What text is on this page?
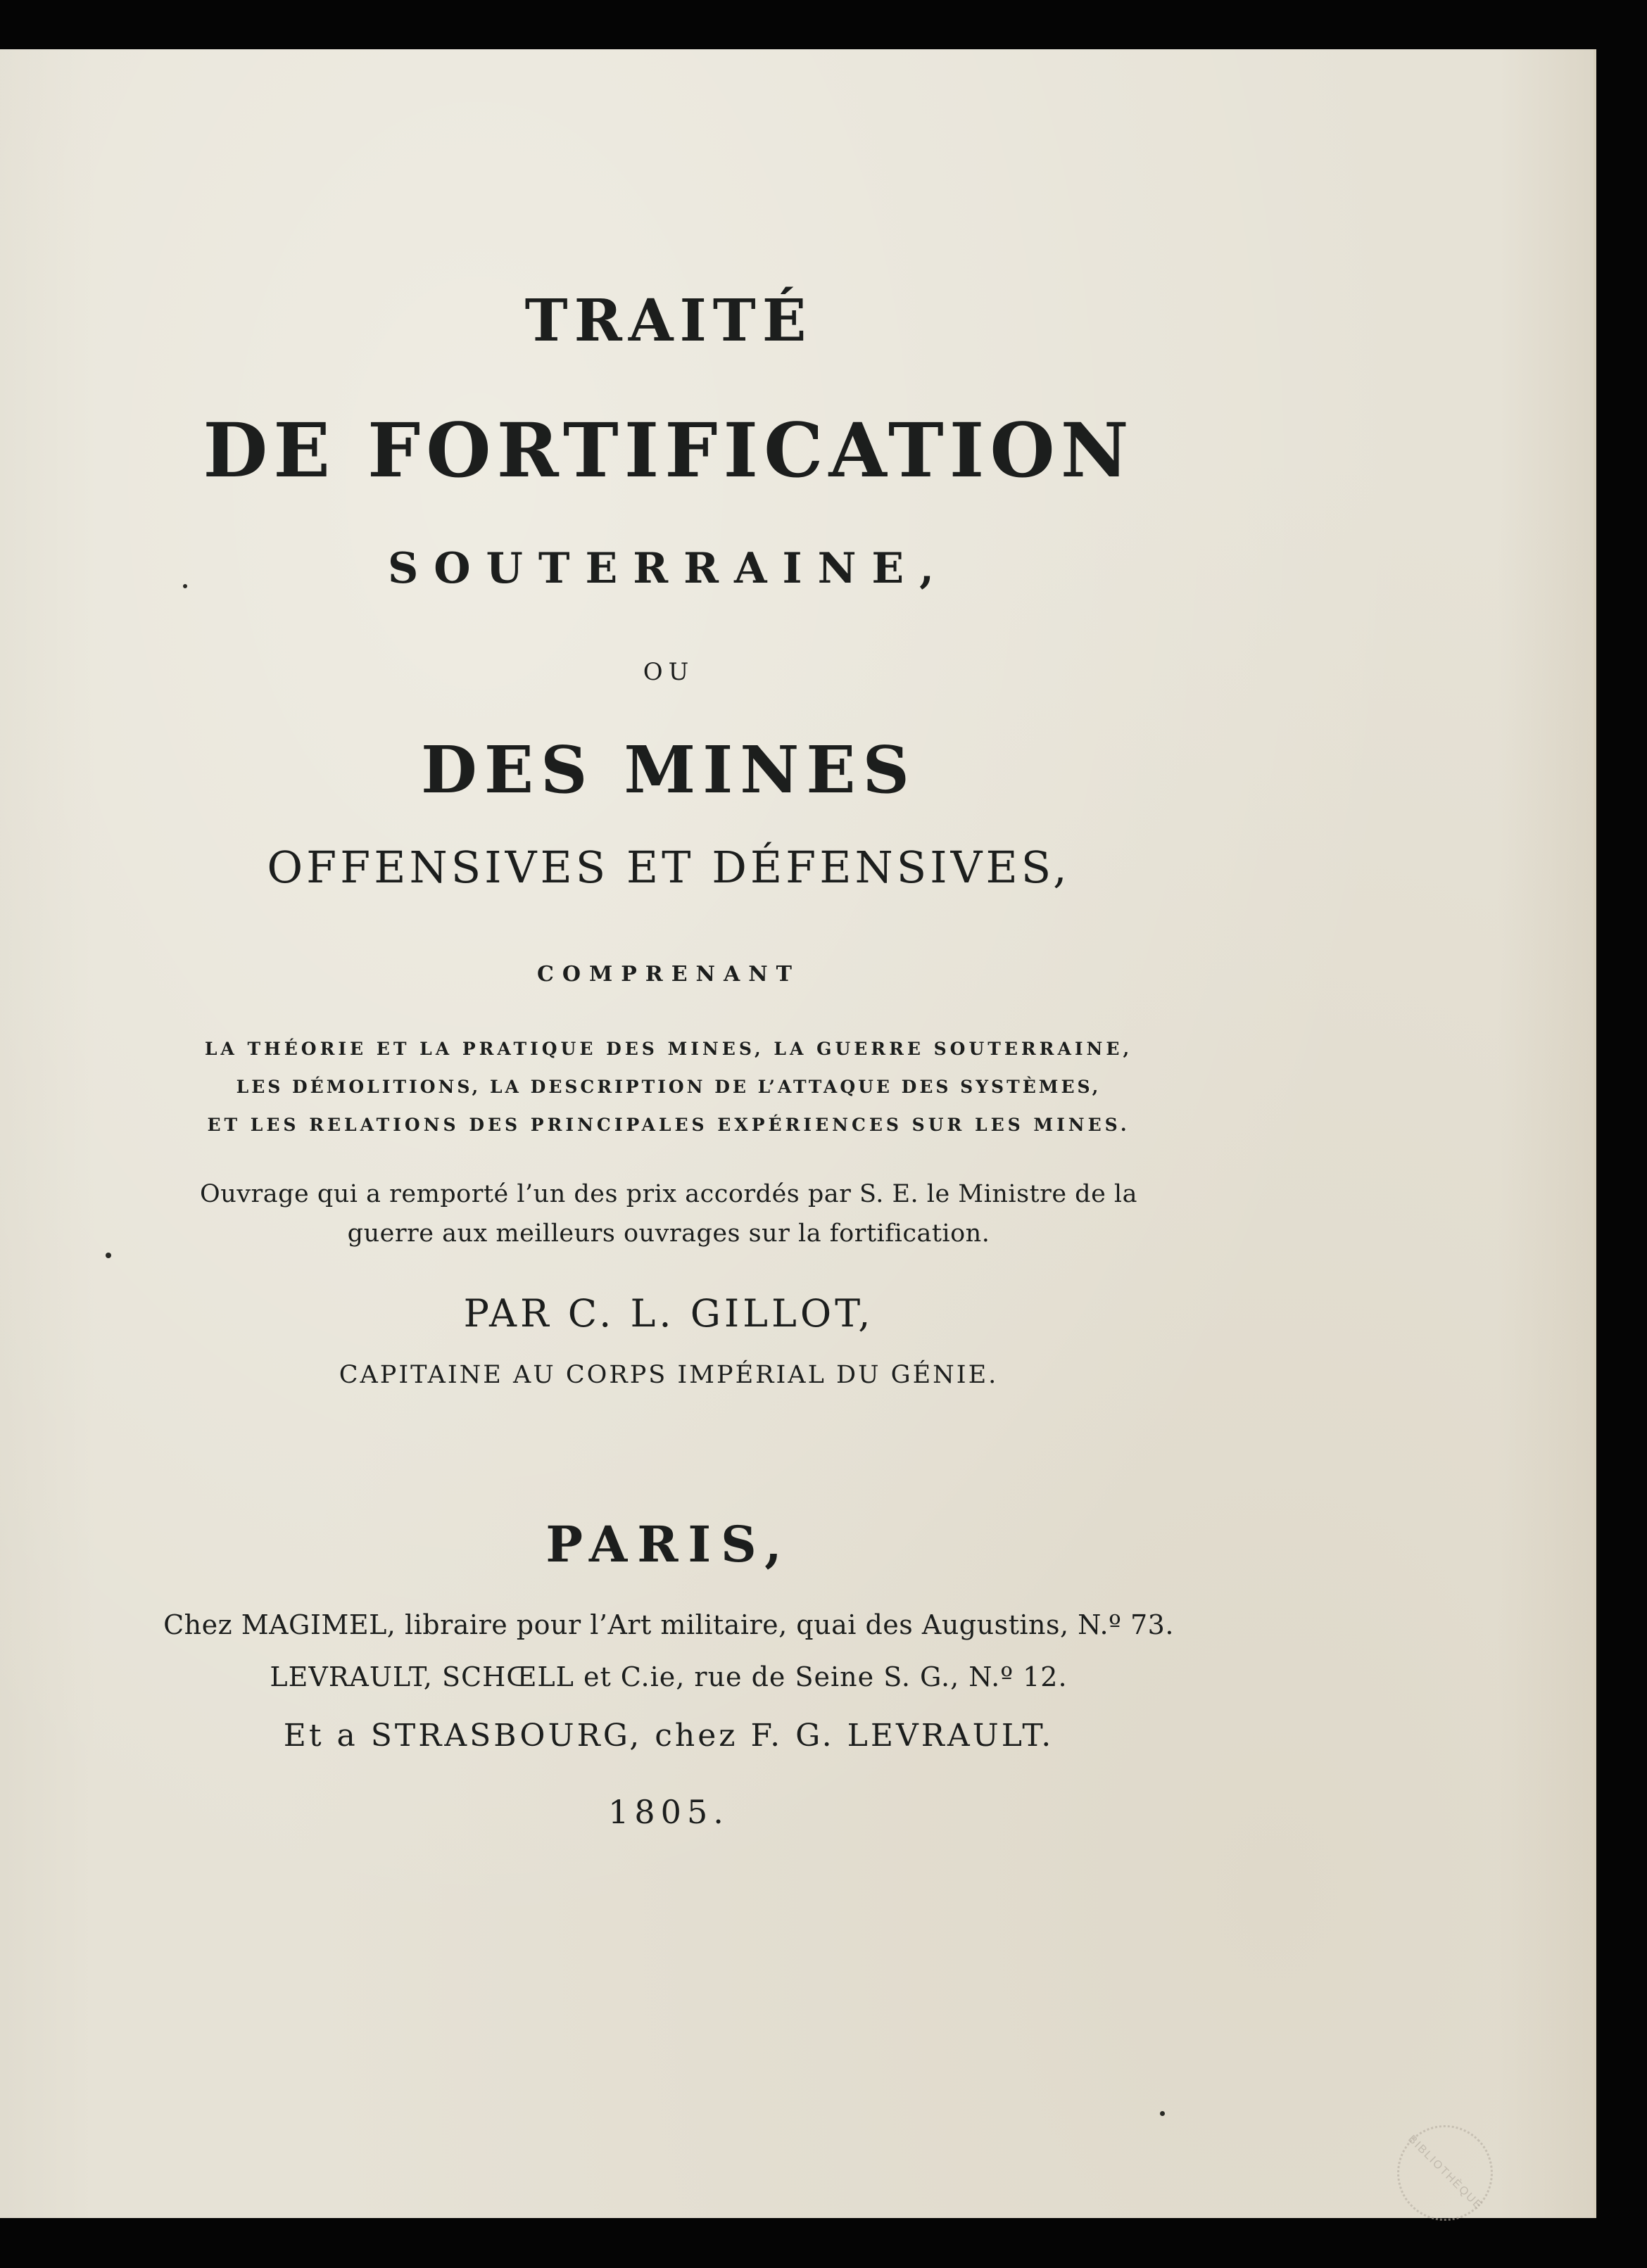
TRAITÉ
DE FORTIFICATION
SOUTERRAINE,
OU
DES MINES
OFFENSIVES ET DÉFENSIVES,
COMPRENANT
LA THÉORIE ET LA PRATIQUE DES MINES, LA GUERRE SOUTERRAINE,
LES DÉMOLITIONS, LA DESCRIPTION DE L’ATTAQUE DES SYSTÈMES,
ET LES RELATIONS DES PRINCIPALES EXPÉRIENCES SUR LES MINES.
Ouvrage qui a remporté l’un des prix accordés par S. E. le Ministre de la
guerre aux meilleurs ouvrages sur la fortification.
PAR C. L. GILLOT,
CAPITAINE AU CORPS IMPÉRIAL DU GÉNIE.
PARIS,
Chez MAGIMEL, libraire pour l’Art militaire, quai des Augustins, N.º 73.
LEVRAULT, SCHŒLL et C.ie, rue de Seine S. G., N.º 12.
Et a STRASBOURG, chez F. G. LEVRAULT.
1805.
BIBLIOTHÈQUE
